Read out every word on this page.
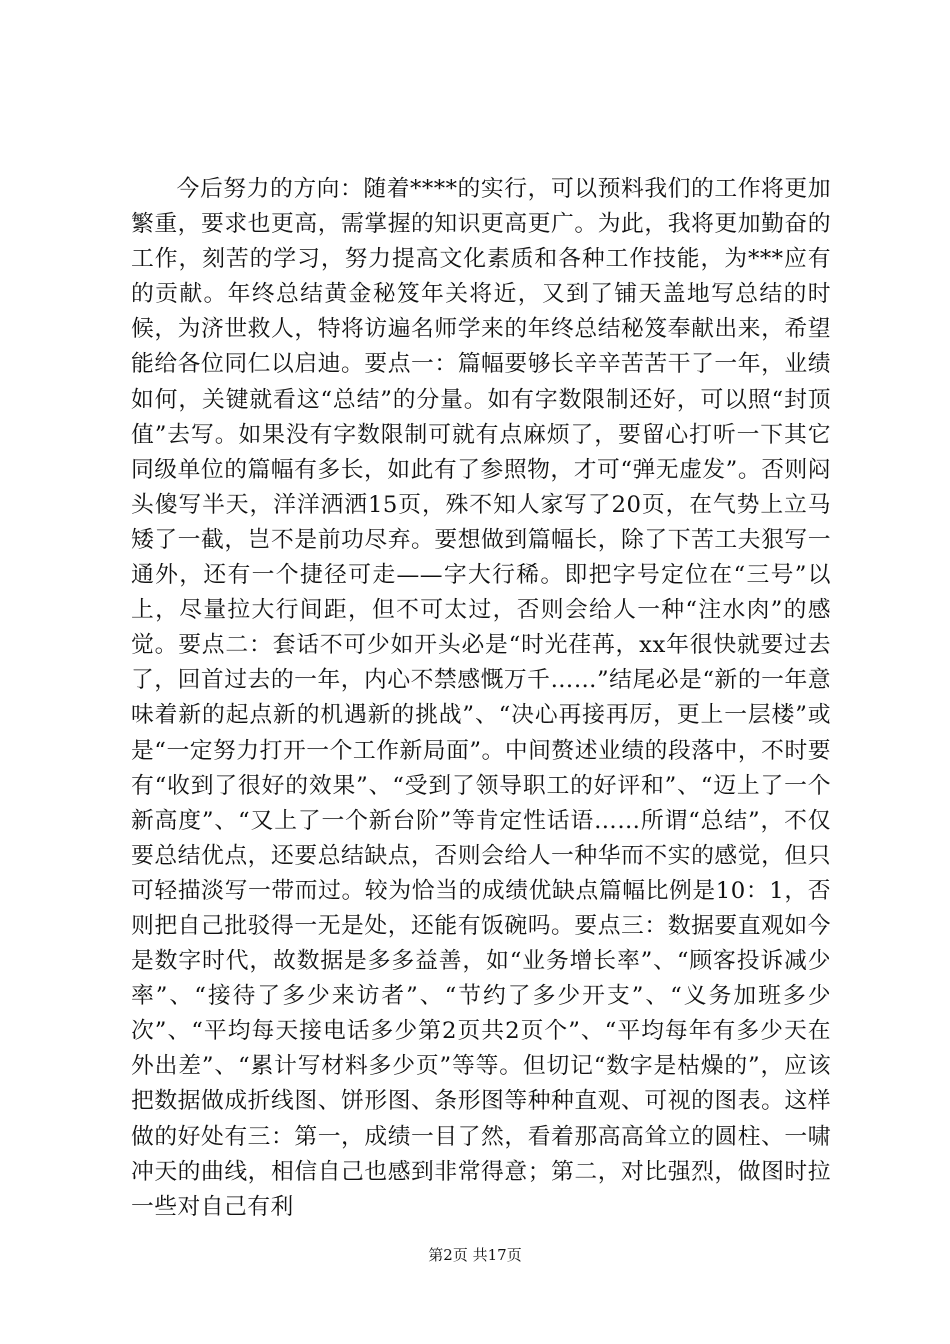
今后努力的方向：随着****的实行，可以预料我们的工作将更加繁重，要求也更高，需掌握的知识更高更广。为此，我将更加勤奋的工作，刻苦的学习，努力提高文化素质和各种工作技能，为***应有的贡献。年终总结黄金秘笈年关将近，又到了铺天盖地写总结的时候，为济世救人，特将访遍名师学来的年终总结秘笈奉献出来，希望能给各位同仁以启迪。要点一：篇幅要够长辛辛苦苦干了一年，业绩如何，关键就看这“总结”的分量。如有字数限制还好，可以照“封顶值”去写。如果没有字数限制可就有点麻烦了，要留心打听一下其它同级单位的篇幅有多长，如此有了参照物，才可“弹无虚发”。否则闷头傻写半天，洋洋洒洒15页，殊不知人家写了20页，在气势上立马矮了一截，岂不是前功尽弃。要想做到篇幅长，除了下苦工夫狠写一通外，还有一个捷径可走——字大行稀。即把字号定位在“三号”以上，尽量拉大行间距，但不可太过，否则会给人一种“注水肉”的感觉。要点二：套话不可少如开头必是“时光荏苒，xx年很快就要过去了，回首过去的一年，内心不禁感慨万千……”结尾必是“新的一年意味着新的起点新的机遇新的挑战”、“决心再接再厉，更上一层楼”或是“一定努力打开一个工作新局面”。中间赘述业绩的段落中，不时要有“收到了很好的效果”、“受到了领导职工的好评和”、“迈上了一个新高度”、“又上了一个新台阶”等肯定性话语……所谓“总结”，不仅要总结优点，还要总结缺点，否则会给人一种华而不实的感觉，但只可轻描淡写一带而过。较为恰当的成绩优缺点篇幅比例是10：1，否则把自己批驳得一无是处，还能有饭碗吗。要点三：数据要直观如今是数字时代，故数据是多多益善，如“业务增长率”、“顾客投诉减少率”、“接待了多少来访者”、“节约了多少开支”、“义务加班多少次”、“平均每天接电话多少第2页共2页个”、“平均每年有多少天在外出差”、“累计写材料多少页”等等。但切记“数字是枯燥的”，应该把数据做成折线图、饼形图、条形图等种种直观、可视的图表。这样做的好处有三：第一，成绩一目了然，看着那高高耸立的圆柱、一啸冲天的曲线，相信自己也感到非常得意；第二，对比强烈，做图时拉一些对自己有利

第2页 共17页
